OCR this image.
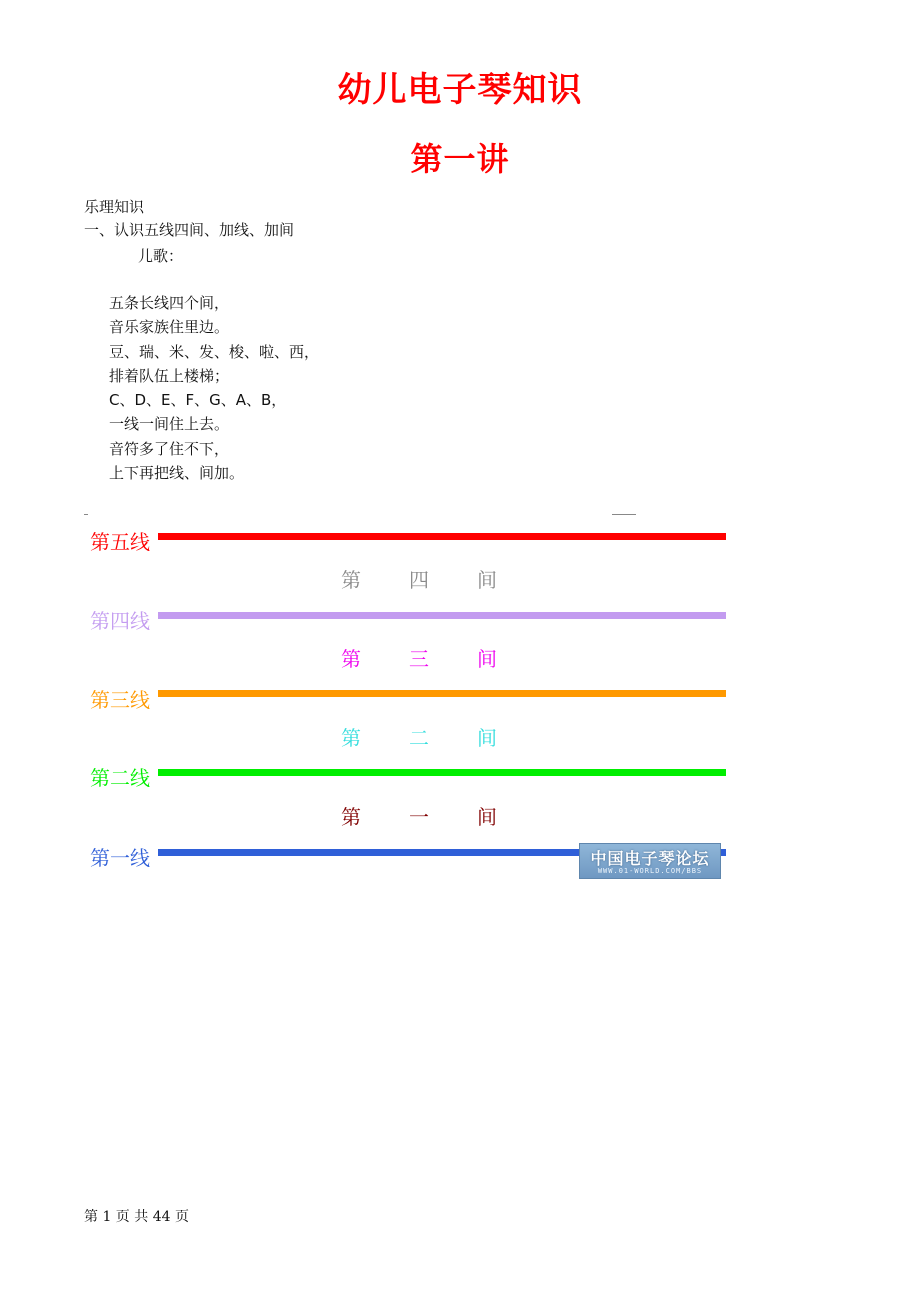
幼儿电子琴知识
第一讲
乐理知识
一、认识五线四间、加线、加间
儿歌：
五条长线四个间，
音乐家族住里边。
豆、瑞、米、发、梭、啦、西，
排着队伍上楼梯；
C、D、E、F、G、A、B，
一线一间住上去。
音符多了住不下，
上下再把线、间加。
第五线
第 四 间
第四线
第 三 间
第三线
第 二 间
第二线
第 一 间
第一线	中国电子琴论坛
WWW.01-WORLD.COM/BBS
第 1 页 共 44 页
